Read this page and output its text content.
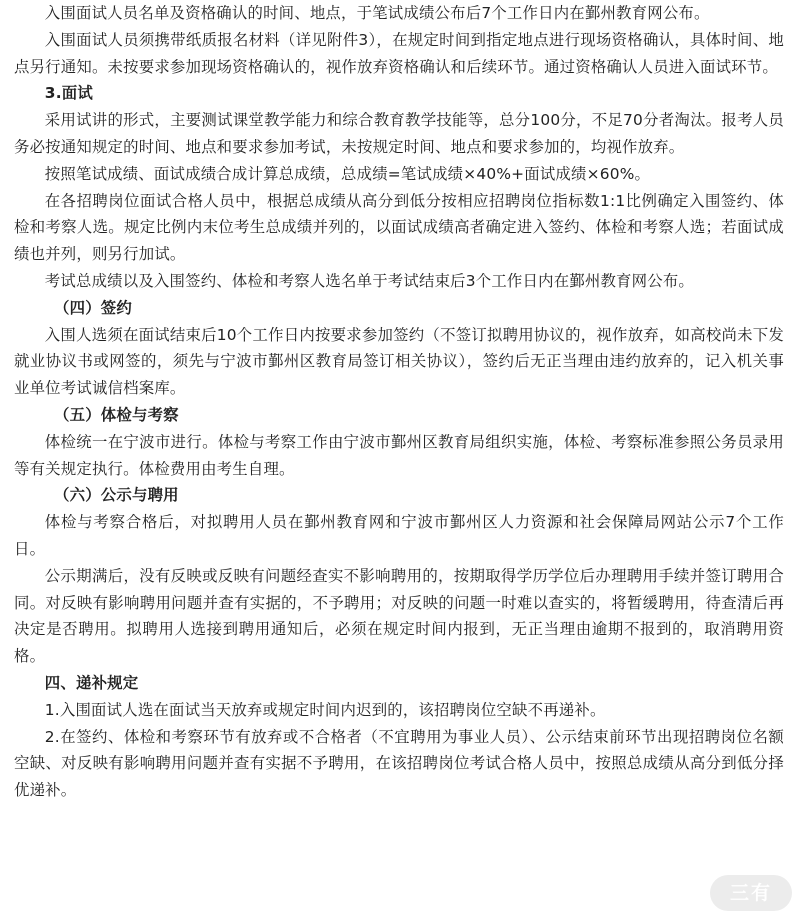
入围面试人员名单及资格确认的时间、地点，于笔试成绩公布后7个工作日内在鄞州教育网公布。

入围面试人员须携带纸质报名材料（详见附件3），在规定时间到指定地点进行现场资格确认，具体时间、地点另行通知。未按要求参加现场资格确认的，视作放弃资格确认和后续环节。通过资格确认人员进入面试环节。

3.面试

采用试讲的形式，主要测试课堂教学能力和综合教育教学技能等，总分100分，不足70分者淘汰。报考人员务必按通知规定的时间、地点和要求参加考试，未按规定时间、地点和要求参加的，均视作放弃。

按照笔试成绩、面试成绩合成计算总成绩，总成绩=笔试成绩×40%+面试成绩×60%。

在各招聘岗位面试合格人员中，根据总成绩从高分到低分按相应招聘岗位指标数1:1比例确定入围签约、体检和考察人选。规定比例内末位考生总成绩并列的，以面试成绩高者确定进入签约、体检和考察人选；若面试成绩也并列，则另行加试。

考试总成绩以及入围签约、体检和考察人选名单于考试结束后3个工作日内在鄞州教育网公布。

（四）签约

入围人选须在面试结束后10个工作日内按要求参加签约（不签订拟聘用协议的，视作放弃，如高校尚未下发就业协议书或网签的，须先与宁波市鄞州区教育局签订相关协议），签约后无正当理由违约放弃的，记入机关事业单位考试诚信档案库。

（五）体检与考察

体检统一在宁波市进行。体检与考察工作由宁波市鄞州区教育局组织实施，体检、考察标准参照公务员录用等有关规定执行。体检费用由考生自理。

（六）公示与聘用

体检与考察合格后，对拟聘用人员在鄞州教育网和宁波市鄞州区人力资源和社会保障局网站公示7个工作日。

公示期满后，没有反映或反映有问题经查实不影响聘用的，按期取得学历学位后办理聘用手续并签订聘用合同。对反映有影响聘用问题并查有实据的，不予聘用；对反映的问题一时难以查实的，将暂缓聘用，待查清后再决定是否聘用。拟聘用人选接到聘用通知后，必须在规定时间内报到，无正当理由逾期不报到的，取消聘用资格。

四、递补规定

1.入围面试人选在面试当天放弃或规定时间内迟到的，该招聘岗位空缺不再递补。

2.在签约、体检和考察环节有放弃或不合格者（不宜聘用为事业人员）、公示结束前环节出现招聘岗位名额空缺、对反映有影响聘用问题并查有实据不予聘用，在该招聘岗位考试合格人员中，按照总成绩从高分到低分择优递补。

三有
